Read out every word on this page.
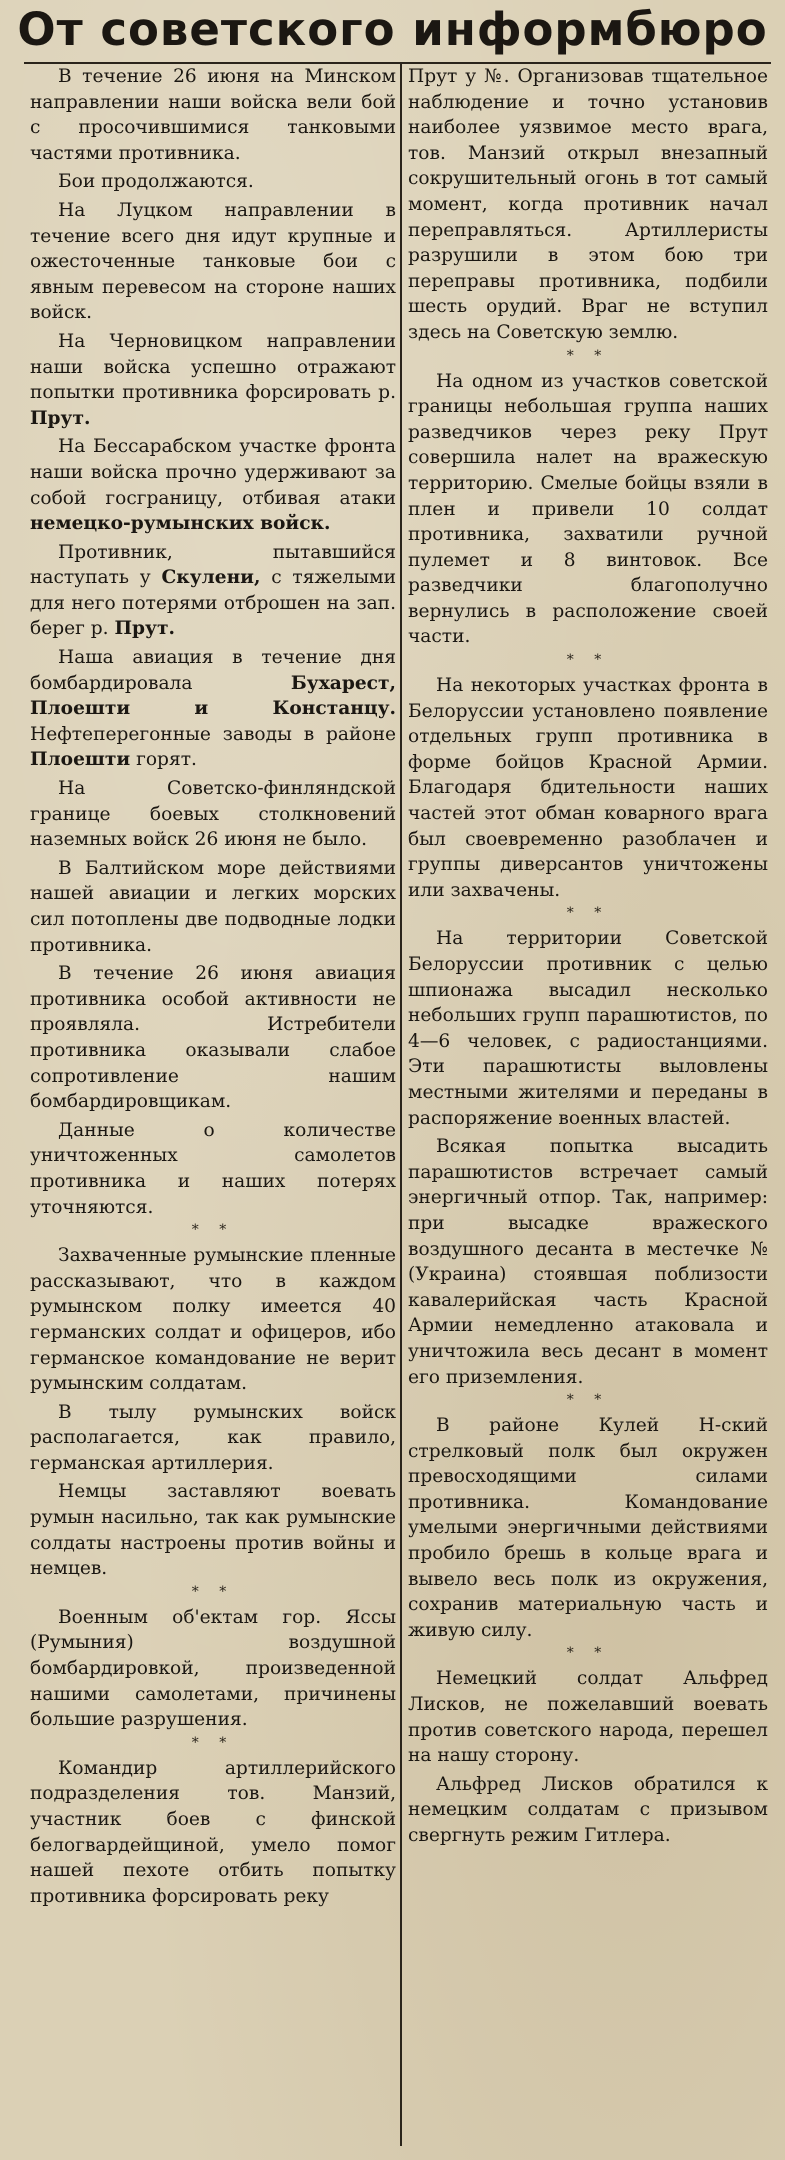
От советского информбюро

В течение 26 июня на Минском направлении наши войска вели бой с просочившимися танковыми частями противника.

Бои продолжаются.

На Луцком направлении в течение всего дня идут крупные и ожесточенные танковые бои с явным перевесом на стороне наших войск.

На Черновицком направлении наши войска успешно отражают попытки противника форсировать р. Прут.

На Бессарабском участке фронта наши войска прочно удерживают за собой госграницу, отбивая атаки немецко-румынских войск.

Противник, пытавшийся наступать у Скулени, с тяжелыми для него потерями отброшен на зап. берег р. Прут.

Наша авиация в течение дня бомбардировала	Бухарест, Плоешти и Констанцу. Нефтеперегонные заводы в районе Плоешти горят.

На Советско-финляндской границе боевых столкновений наземных войск 26 июня не было.

В Балтийском море действиями нашей авиации и легких морских сил потоплены две подводные лодки противника.

В течение 26 июня авиация противника особой активности не проявляла. Истребители противника оказывали слабое сопротивление нашим бомбардировщикам.

Данные о количестве уничтоженных самолетов противника и наших потерях уточняются.

* *

Захваченные румынские пленные рассказывают, что в каждом румынском полку имеется 40 германских солдат и офицеров, ибо германское командование не верит румынским солдатам.

В тылу румынских войск располагается, как правило, германская артиллерия.

Немцы заставляют воевать румын насильно, так как румынские солдаты настроены против войны и немцев.

* *

Военным об'ектам гор. Яссы (Румыния) воздушной бомбардировкой, произведенной нашими самолетами, причинены большие разрушения.

* *

Командир артиллерийского подразделения тов. Манзий, участник боев с финской белогвардейщиной, умело помог нашей пехоте отбить попытку противника форсировать реку

Прут у №. Организовав тщательное наблюдение и точно установив наиболее уязвимое место врага, тов. Манзий открыл внезапный сокрушительный огонь в тот самый момент, когда противник начал переправляться. Артиллеристы разрушили в этом бою три переправы противника, подбили шесть орудий. Враг не вступил здесь на Советскую землю.

* *

На одном из участков советской границы небольшая группа наших разведчиков через реку Прут совершила налет на вражескую территорию. Смелые бойцы взяли в плен и привели 10 солдат противника, захватили ручной пулемет и 8 винтовок. Все разведчики благополучно вернулись в расположение своей части.

* *

На некоторых участках фронта в Белоруссии установлено появление отдельных групп противника в форме бойцов Красной Армии. Благодаря бдительности наших частей этот обман коварного врага был своевременно разоблачен и группы диверсантов уничтожены или захвачены.

* *

На территории Советской Белоруссии противник с целью шпионажа высадил несколько небольших групп парашютистов, по 4—6 человек, с радиостанциями. Эти парашютисты выловлены местными жителями и переданы в распоряжение военных властей.

Всякая попытка высадить парашютистов встречает самый энергичный отпор. Так, например: при высадке вражеского воздушного десанта в местечке № (Украина) стоявшая поблизости кавалерийская часть Красной Армии немедленно атаковала и уничтожила весь десант в момент его приземления.

* *

В районе Кулей Н-ский стрелковый полк был окружен превосходящими силами противника. Командование умелыми энергичными действиями пробило брешь в кольце врага и вывело весь полк из окружения, сохранив материальную часть и живую силу.

* *

Немецкий солдат Альфред Лисков, не пожелавший воевать против советского народа, перешел на нашу сторону.

Альфред Лисков обратился к немецким солдатам с призывом свергнуть режим Гитлера.
